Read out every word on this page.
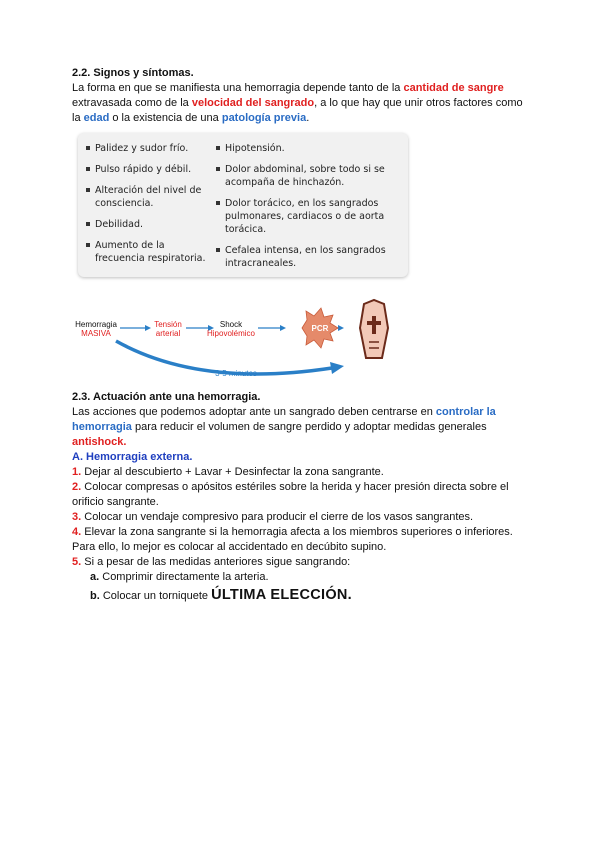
2.2. Signos y síntomas.

La forma en que se manifiesta una hemorragia depende tanto de la cantidad de sangre extravasada como de la velocidad del sangrado, a lo que hay que unir otros factores como la edad o la existencia de una patología previa.

Palidez y sudor frío.
Pulso rápido y débil.
Alteración del nivel de consciencia.
Debilidad.
Aumento de la frecuencia respiratoria.
Hipotensión.
Dolor abdominal, sobre todo si se acompaña de hinchazón.
Dolor torácico, en los sangrados pulmonares, cardiacos o de aorta torácica.
Cefalea intensa, en los sangrados intracraneales.
Hemorragia
MASIVA
Tensión
arterial
Shock
Hipovolémico
PCR
3-5 minutos

2.3. Actuación ante una hemorragia.

Las acciones que podemos adoptar ante un sangrado deben centrarse en controlar la hemorragia para reducir el volumen de sangre perdido y adoptar medidas generales antishock.

A. Hemorragia externa.

1. Dejar al descubierto + Lavar + Desinfectar la zona sangrante.

2. Colocar compresas o apósitos estériles sobre la herida y hacer presión directa sobre el orificio sangrante.

3. Colocar un vendaje compresivo para producir el cierre de los vasos sangrantes.

4. Elevar la zona sangrante si la hemorragia afecta a los miembros superiores o inferiores. Para ello, lo mejor es colocar al accidentado en decúbito supino.

5. Si a pesar de las medidas anteriores sigue sangrando:

a. Comprimir directamente la arteria.

b. Colocar un torniquete ÚLTIMA ELECCIÓN.
